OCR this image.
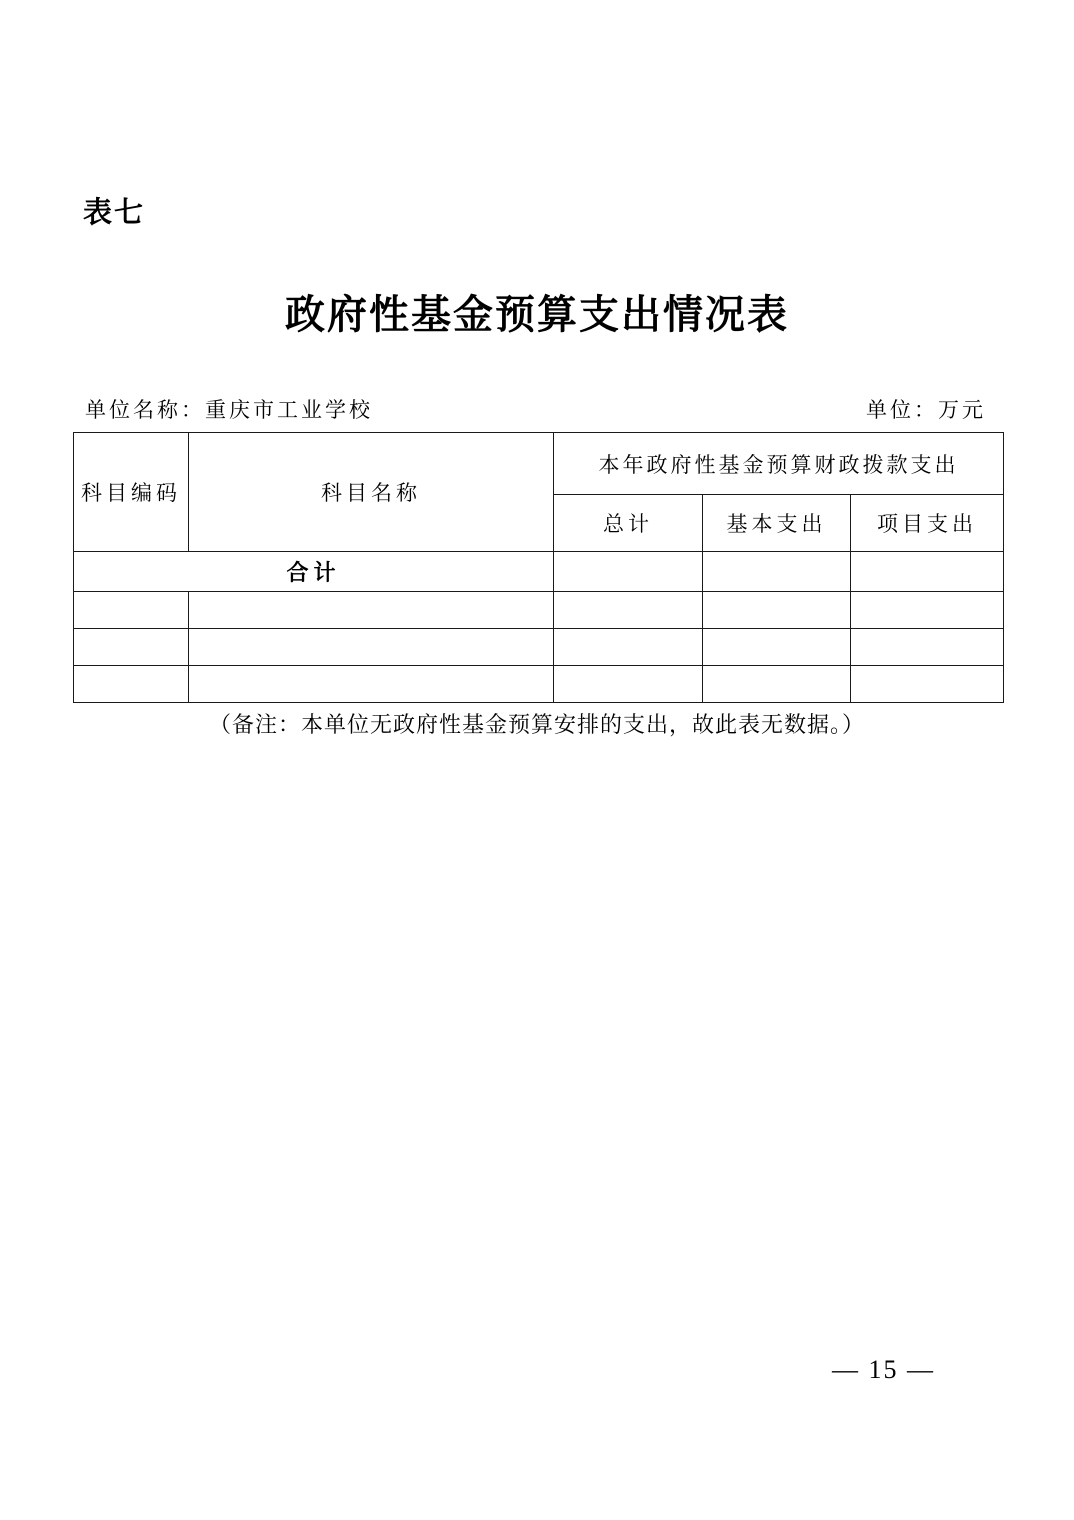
表七
政府性基金预算支出情况表
单位名称：重庆市工业学校	单位：万元
科目编码	科目名称	本年政府性基金预算财政拨款支出		
		总计	基本支出	项目支出
合计				

（备注：本单位无政府性基金预算安排的支出，故此表无数据。）
— 15 —
